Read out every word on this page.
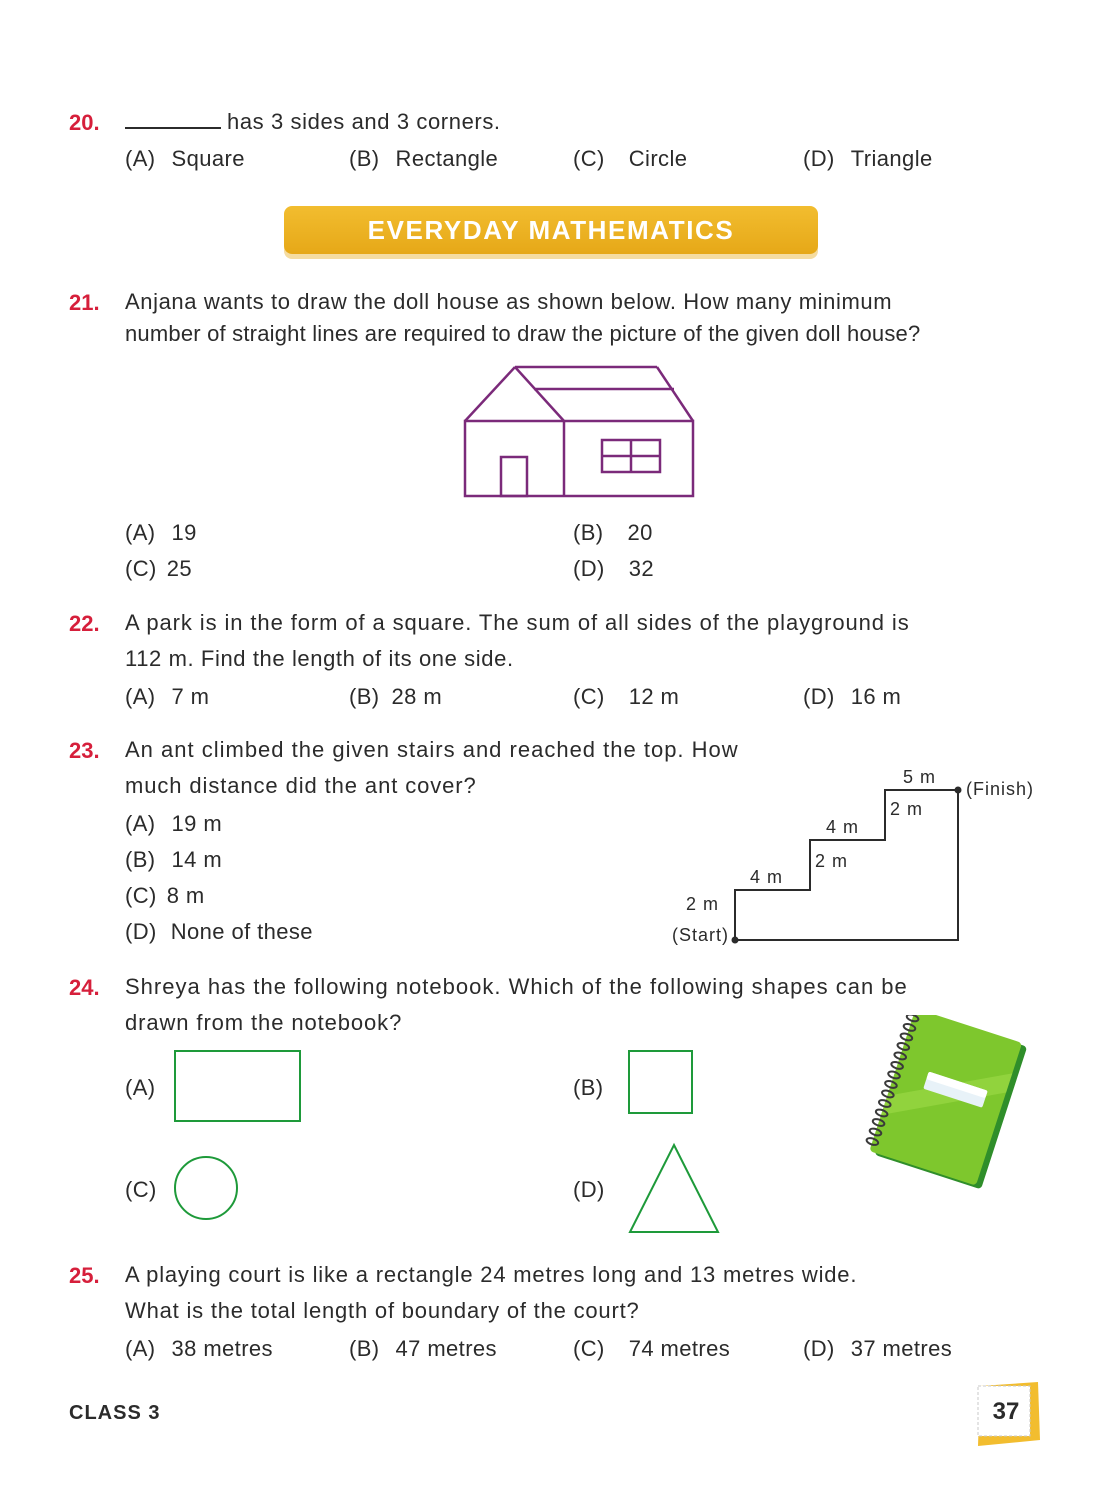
20.	has 3 sides and 3 corners.
(A) Square	(B) Rectangle	(C) Circle	(D) Triangle
EVERYDAY MATHEMATICS
21. Anjana wants to draw the doll house as shown below. How many minimum
number of straight lines are required to draw the picture of the given doll house?
(A) 19	(B) 20
(C) 25	(D) 32
22. A park is in the form of a square. The sum of all sides of the playground is
112 m. Find the length of its one side.
(A) 7 m	(B) 28 m	(C) 12 m	(D) 16 m
23. An ant climbed the given stairs and reached the top. How
much distance did the ant cover?
(A) 19 m
(B) 14 m
(C) 8 m
(D) None of these	(Start)
(Finish)
2 m
4 m
2 m
4 m
2 m
5 m
24. Shreya has the following notebook. Which of the following shapes can be
drawn from the notebook?
(A)	(B)
(C)	(D)
25. A playing court is like a rectangle 24 metres long and 13 metres wide.
What is the total length of boundary of the court?
(A) 38 metres	(B) 47 metres	(C) 74 metres	(D) 37 metres
CLASS 3	37
